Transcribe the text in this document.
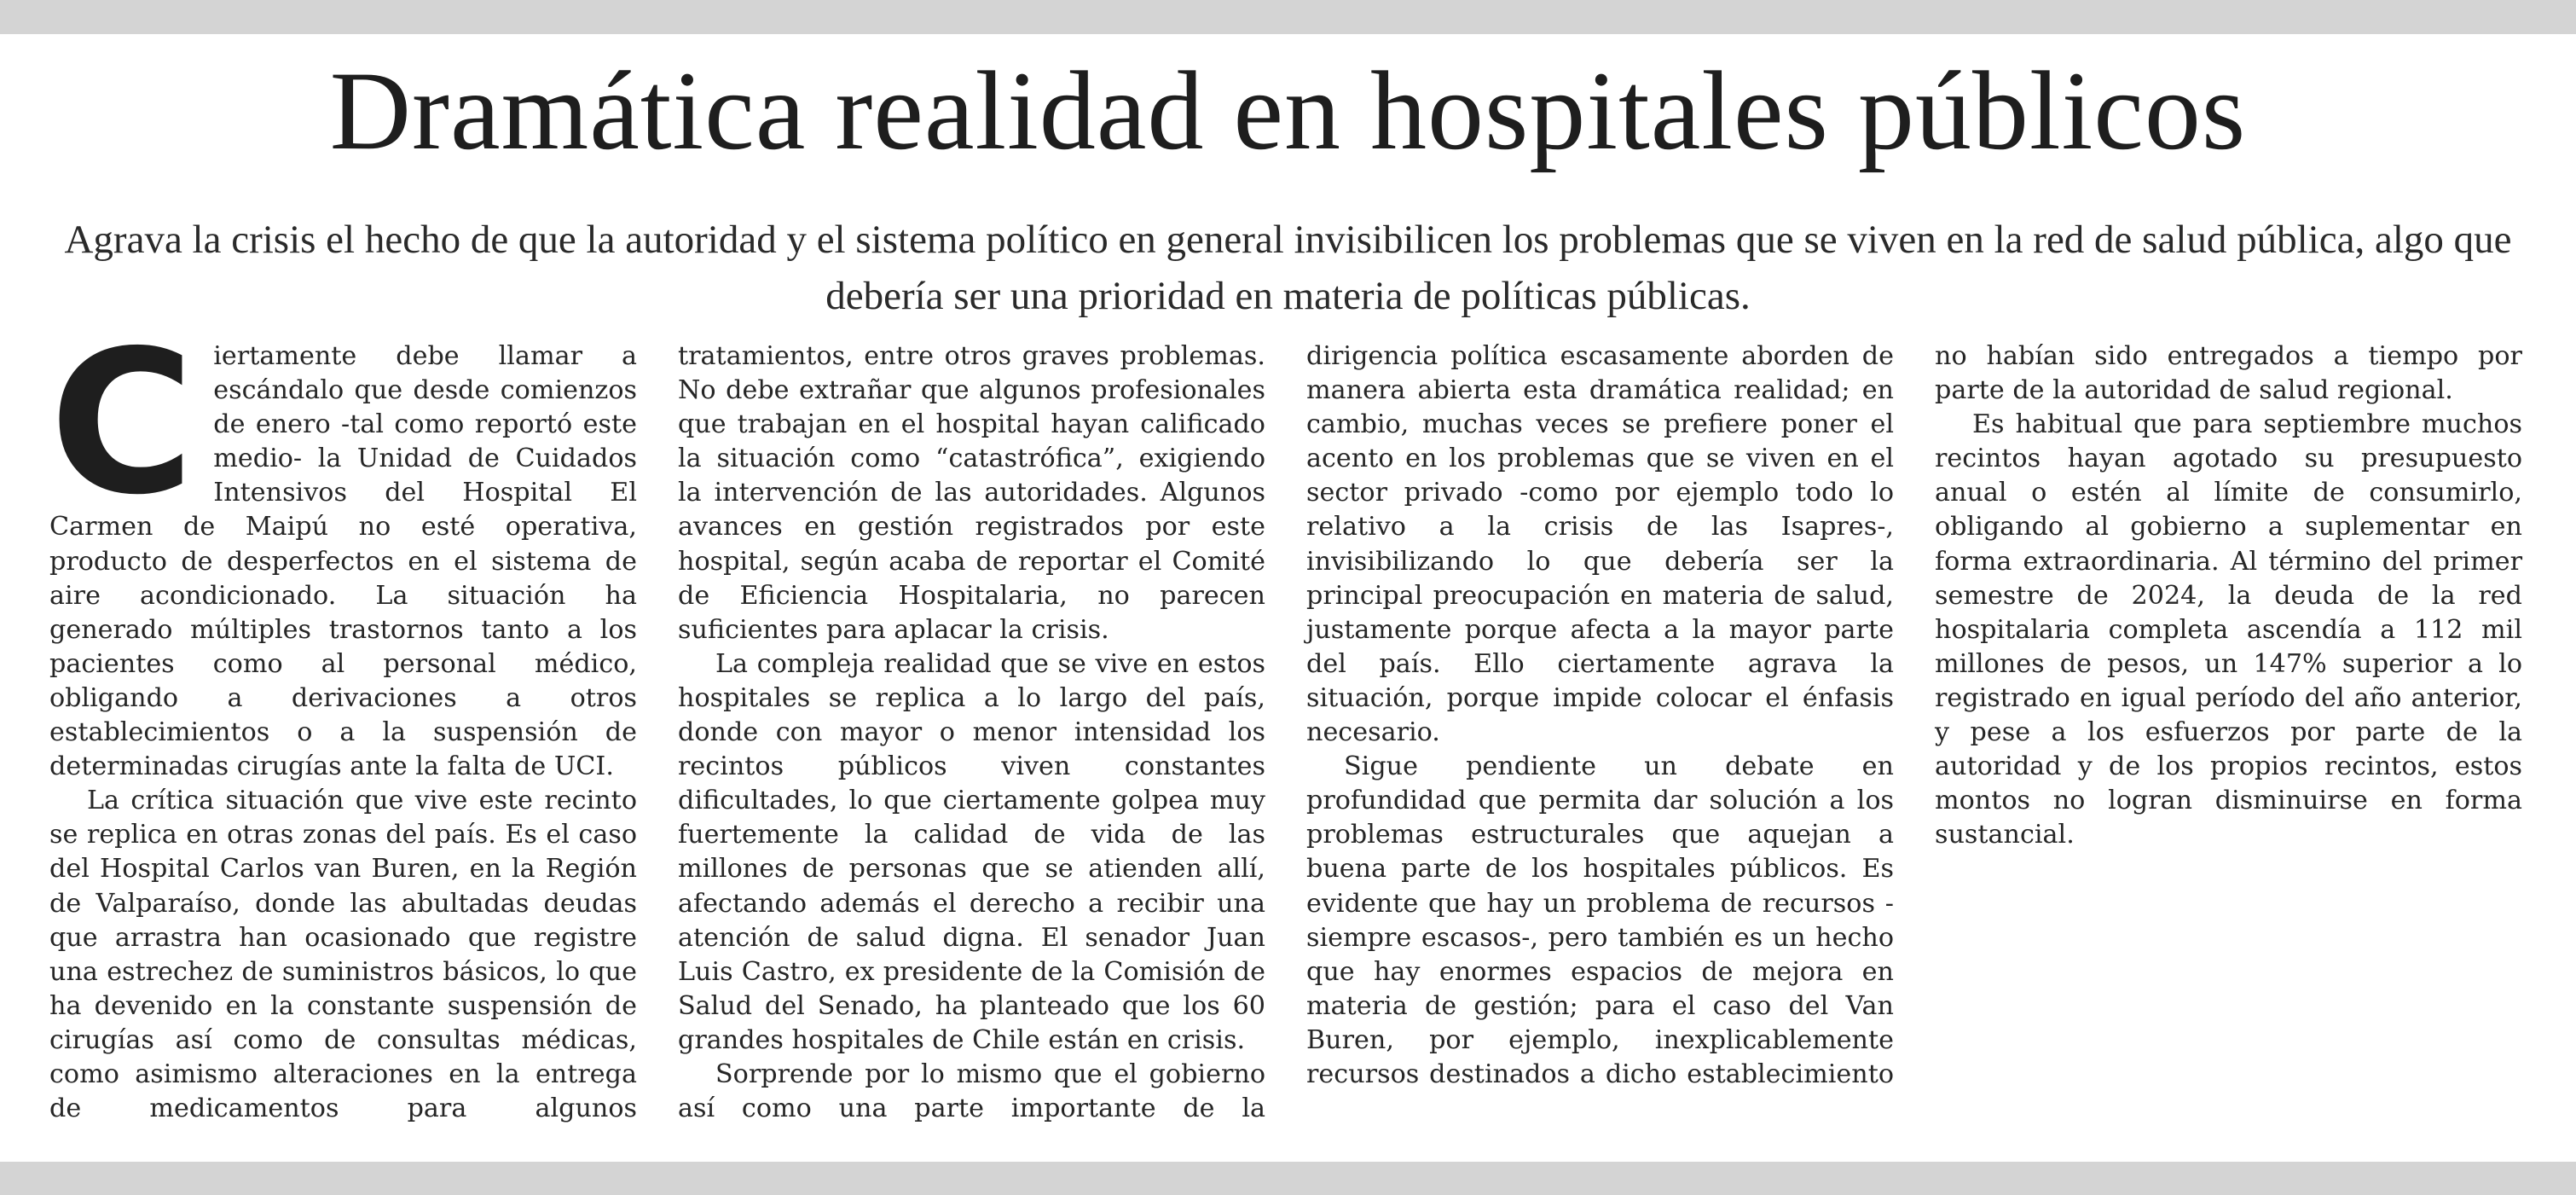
Dramática realidad en hospitales públicos

Agrava la crisis el hecho de que la autoridad y el sistema político en general invisibilicen los problemas que se viven en la red de salud pública, algo que debería ser una prioridad en materia de políticas públicas.

Ciertamente debe llamar a escándalo que desde comienzos de enero -tal como reportó este medio- la Unidad de Cuidados Intensivos del Hospital El Carmen de Maipú no esté operativa, producto de desperfectos en el sistema de aire acondicionado. La situación ha generado múltiples trastornos tanto a los pacientes como al personal médico, obligando a derivaciones a otros establecimientos o a la suspensión de determinadas cirugías ante la falta de UCI.

La crítica situación que vive este recinto se replica en otras zonas del país. Es el caso del Hospital Carlos van Buren, en la Región de Valparaíso, donde las abultadas deudas que arrastra han ocasionado que registre una estrechez de suministros básicos, lo que ha devenido en la constante suspensión de cirugías así como de consultas médicas, como asimismo alteraciones en la entrega de medicamentos para algunos tratamientos, entre otros graves problemas. No debe extrañar que algunos profesionales que trabajan en el hospital hayan calificado la situación como “catastrófica”, exigiendo la intervención de las autoridades. Algunos avances en gestión registrados por este hospital, según acaba de reportar el Comité de Eficiencia Hospitalaria, no parecen suficientes para aplacar la crisis.

La compleja realidad que se vive en estos hospitales se replica a lo largo del país, donde con mayor o menor intensidad los recintos públicos viven constantes dificultades, lo que ciertamente golpea muy fuertemente la calidad de vida de las millones de personas que se atienden allí, afectando además el derecho a recibir una atención de salud digna. El senador Juan Luis Castro, ex presidente de la Comisión de Salud del Senado, ha planteado que los 60 grandes hospitales de Chile están en crisis.

Sorprende por lo mismo que el gobierno así como una parte importante de la dirigencia política escasamente aborden de manera abierta esta dramática realidad; en cambio, muchas veces se prefiere poner el acento en los problemas que se viven en el sector privado -como por ejemplo todo lo relativo a la crisis de las Isapres-, invisibilizando lo que debería ser la principal preocupación en materia de salud, justamente porque afecta a la mayor parte del país. Ello ciertamente agrava la situación, porque impide colocar el énfasis necesario.

Sigue pendiente un debate en profundidad que permita dar solución a los problemas estructurales que aquejan a buena parte de los hospitales públicos. Es evidente que hay un problema de recursos -siempre escasos-, pero también es un hecho que hay enormes espacios de mejora en materia de gestión; para el caso del Van Buren, por ejemplo, inexplicablemente recursos destinados a dicho establecimiento no habían sido entregados a tiempo por parte de la autoridad de salud regional.

Es habitual que para septiembre muchos recintos hayan agotado su presupuesto anual o estén al límite de consumirlo, obligando al gobierno a suplementar en forma extraordinaria. Al término del primer semestre de 2024, la deuda de la red hospitalaria completa ascendía a 112 mil millones de pesos, un 147% superior a lo registrado en igual período del año anterior, y pese a los esfuerzos por parte de la autoridad y de los propios recintos, estos montos no logran disminuirse en forma sustancial.
